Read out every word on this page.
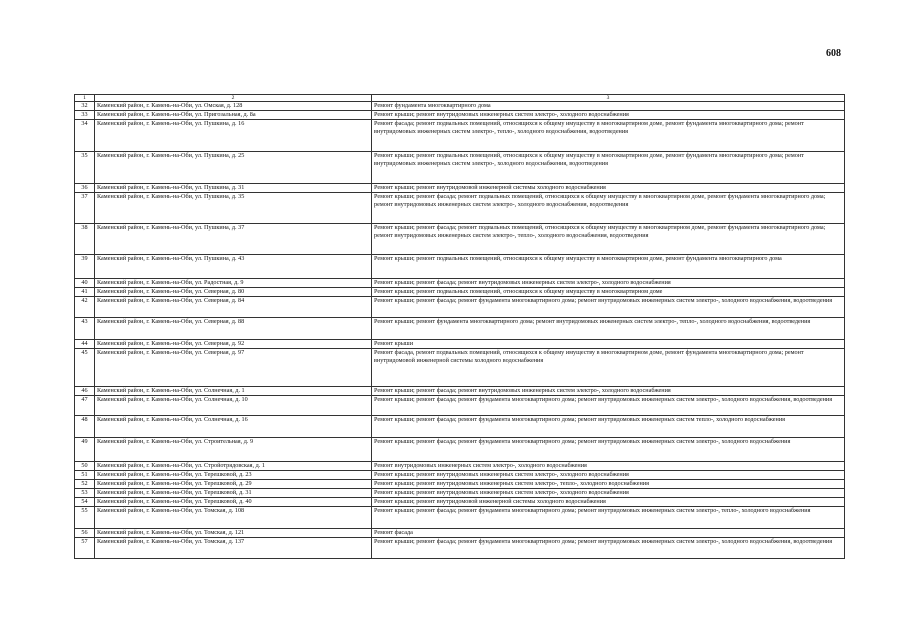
608
1	2	3
32	Каменский район, г. Камень-на-Оби, ул. Омская, д. 128	Ремонт фундамента многоквартирного дома
33	Каменский район, г. Камень-на-Оби, ул. Пригозальная, д. 8а	Ремонт крыши; ремонт внутридомовых инженерных систем электро-, холодного водоснабжения
34	Каменский район, г. Камень-на-Оби, ул. Пушкина, д. 16	Ремонт фасада; ремонт подвальных помещений, относящихся к общему имуществу в многоквартирном доме, ремонт фундамента многоквартирного дома; ремонт внутридомовых инженерных систем электро-, тепло-, холодного водоснабжения, водоотведения
35	Каменский район, г. Камень-на-Оби, ул. Пушкина, д. 25	Ремонт крыши; ремонт подвальных помещений, относящихся к общему имуществу в многоквартирном доме, ремонт фундамента многоквартирного дома; ремонт внутридомовых инженерных систем электро-, холодного водоснабжения, водоотведения
36	Каменский район, г. Камень-на-Оби, ул. Пушкина, д. 31	Ремонт крыши; ремонт внутридомовой инженерной системы холодного водоснабжения
37	Каменский район, г. Камень-на-Оби, ул. Пушкина, д. 35	Ремонт крыши; ремонт фасада; ремонт подвальных помещений, относящихся к общему имуществу в многоквартирном доме, ремонт фундамента многоквартирного дома; ремонт внутридомовых инженерных систем электро-, холодного водоснабжения, водоотведения
38	Каменский район, г. Камень-на-Оби, ул. Пушкина, д. 37	Ремонт крыши; ремонт фасада; ремонт подвальных помещений, относящихся к общему имуществу в многоквартирном доме, ремонт фундамента многоквартирного дома; ремонт внутридомовых инженерных систем электро-, тепло-, холодного водоснабжения, водоотведения
39	Каменский район, г. Камень-на-Оби, ул. Пушкина, д. 43	Ремонт крыши; ремонт подвальных помещений, относящихся к общему имуществу в многоквартирном доме, ремонт фундамента многоквартирного дома
40	Каменский район, г. Камень-на-Оби, ул. Радостная, д. 9	Ремонт крыши; ремонт фасада; ремонт внутридомовых инженерных систем электро-, холодного водоснабжения
41	Каменский район, г. Камень-на-Оби, ул. Северная, д. 80	Ремонт крыши; ремонт подвальных помещений, относящихся к общему имуществу в многоквартирном доме
42	Каменский район, г. Камень-на-Оби, ул. Северная, д. 84	Ремонт крыши; ремонт фасада; ремонт фундамента многоквартирного дома; ремонт внутридомовых инженерных систем электро-, холодного водоснабжения, водоотведения
43	Каменский район, г. Камень-на-Оби, ул. Северная, д. 88	Ремонт крыши; ремонт фундамента многоквартирного дома; ремонт внутридомовых инженерных систем электро-, тепло-, холодного водоснабжения, водоотведения
44	Каменский район, г. Камень-на-Оби, ул. Северная, д. 92	Ремонт крыши
45	Каменский район, г. Камень-на-Оби, ул. Северная, д. 97	Ремонт фасада, ремонт подвальных помещений, относящихся к общему имуществу в многоквартирном доме, ремонт фундамента многоквартирного дома; ремонт внутридомовой инженерной системы холодного водоснабжения
46	Каменский район, г. Камень-на-Оби, ул. Солнечная, д. 1	Ремонт крыши; ремонт фасада; ремонт внутридомовых инженерных систем электро-, холодного водоснабжения
47	Каменский район, г. Камень-на-Оби, ул. Солнечная, д. 10	Ремонт крыши; ремонт фасада; ремонт фундамента многоквартирного дома; ремонт внутридомовых инженерных систем электро-, холодного водоснабжения, водоотведения
48	Каменский район, г. Камень-на-Оби, ул. Солнечная, д. 16	Ремонт крыши; ремонт фасада; ремонт фундамента многоквартирного дома; ремонт внутридомовых инженерных систем тепло-, холодного водоснабжения
49	Каменский район, г. Камень-на-Оби, ул. Строительная, д. 9	Ремонт крыши; ремонт фасада; ремонт фундамента многоквартирного дома; ремонт внутридомовых инженерных систем электро-, холодного водоснабжения
50	Каменский район, г. Камень-на-Оби, ул. Стройотрядовская, д. 1	Ремонт внутридомовых инженерных систем электро-, холодного водоснабжения
51	Каменский район, г. Камень-на-Оби, ул. Терешковой, д. 23	Ремонт крыши; ремонт внутридомовых инженерных систем электро-, холодного водоснабжения
52	Каменский район, г. Камень-на-Оби, ул. Терешковой, д. 29	Ремонт крыши; ремонт внутридомовых инженерных систем электро-, тепло-, холодного водоснабжения
53	Каменский район, г. Камень-на-Оби, ул. Терешковой, д. 31	Ремонт крыши; ремонт внутридомовых инженерных систем электро-, холодного водоснабжения
54	Каменский район, г. Камень-на-Оби, ул. Терешковой, д. 40	Ремонт крыши; ремонт внутридомовой инженерной системы холодного водоснабжения
55	Каменский район, г. Камень-на-Оби, ул. Томская, д. 108	Ремонт крыши; ремонт фасада; ремонт фундамента многоквартирного дома; ремонт внутридомовых инженерных систем электро-, тепло-, холодного водоснабжения
56	Каменский район, г. Камень-на-Оби, ул. Томская, д. 121	Ремонт фасада
57	Каменский район, г. Камень-на-Оби, ул. Томская, д. 137	Ремонт крыши; ремонт фасада; ремонт фундамента многоквартирного дома; ремонт внутридомовых инженерных систем электро-, холодного водоснабжения, водоотведения
